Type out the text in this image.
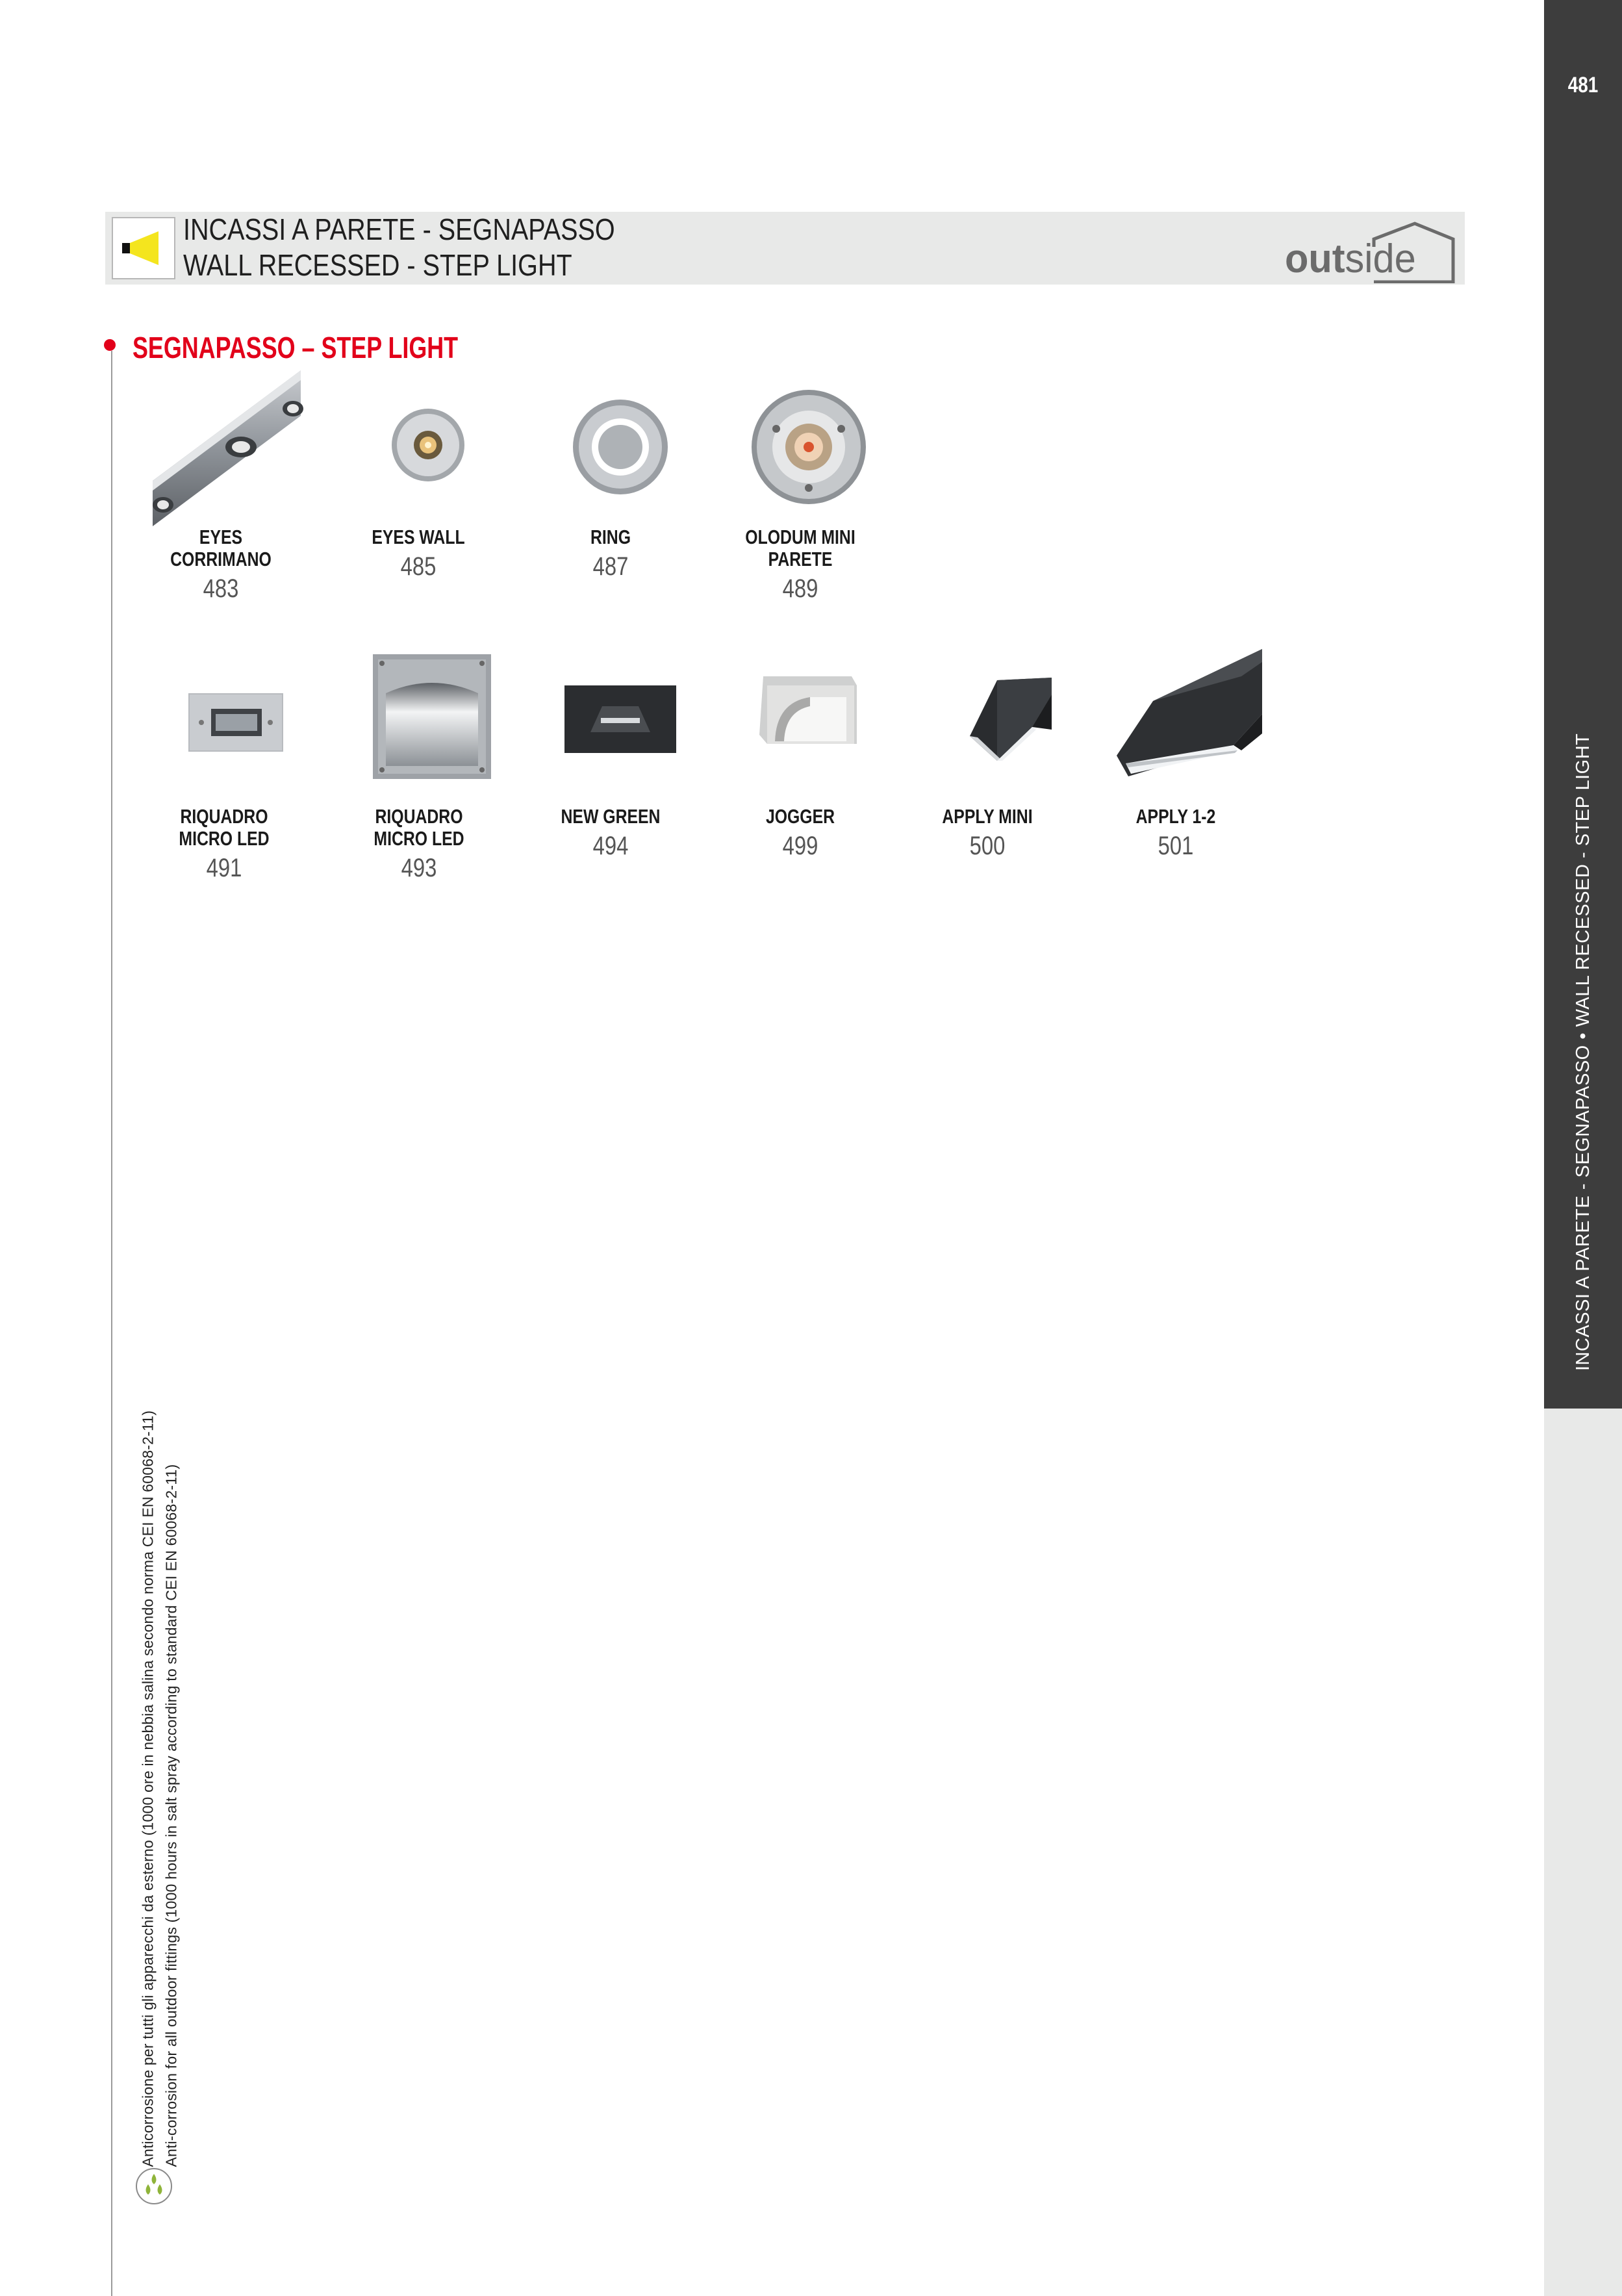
481
INCASSI A PARETE - SEGNAPASSO • WALL RECESSED - STEP LIGHT
INCASSI A PARETE - SEGNAPASSO
WALL RECESSED - STEP LIGHT	outside
SEGNAPASSO – STEP LIGHT
EYES
CORRIMANO
483
EYES WALL
485
RING
487
OLODUM MINI
PARETE
489
RIQUADRO
MICRO LED
491
RIQUADRO
MICRO LED
493
NEW GREEN
494
JOGGER
499
APPLY MINI
500
APPLY 1-2
501
Anticorrosione per tutti gli apparecchi da esterno (1000 ore in nebbia salina secondo norma CEI EN 60068-2-11) Anti-corrosion for all outdoor fittings (1000 hours in salt spray according to standard CEI EN 60068-2-11)
